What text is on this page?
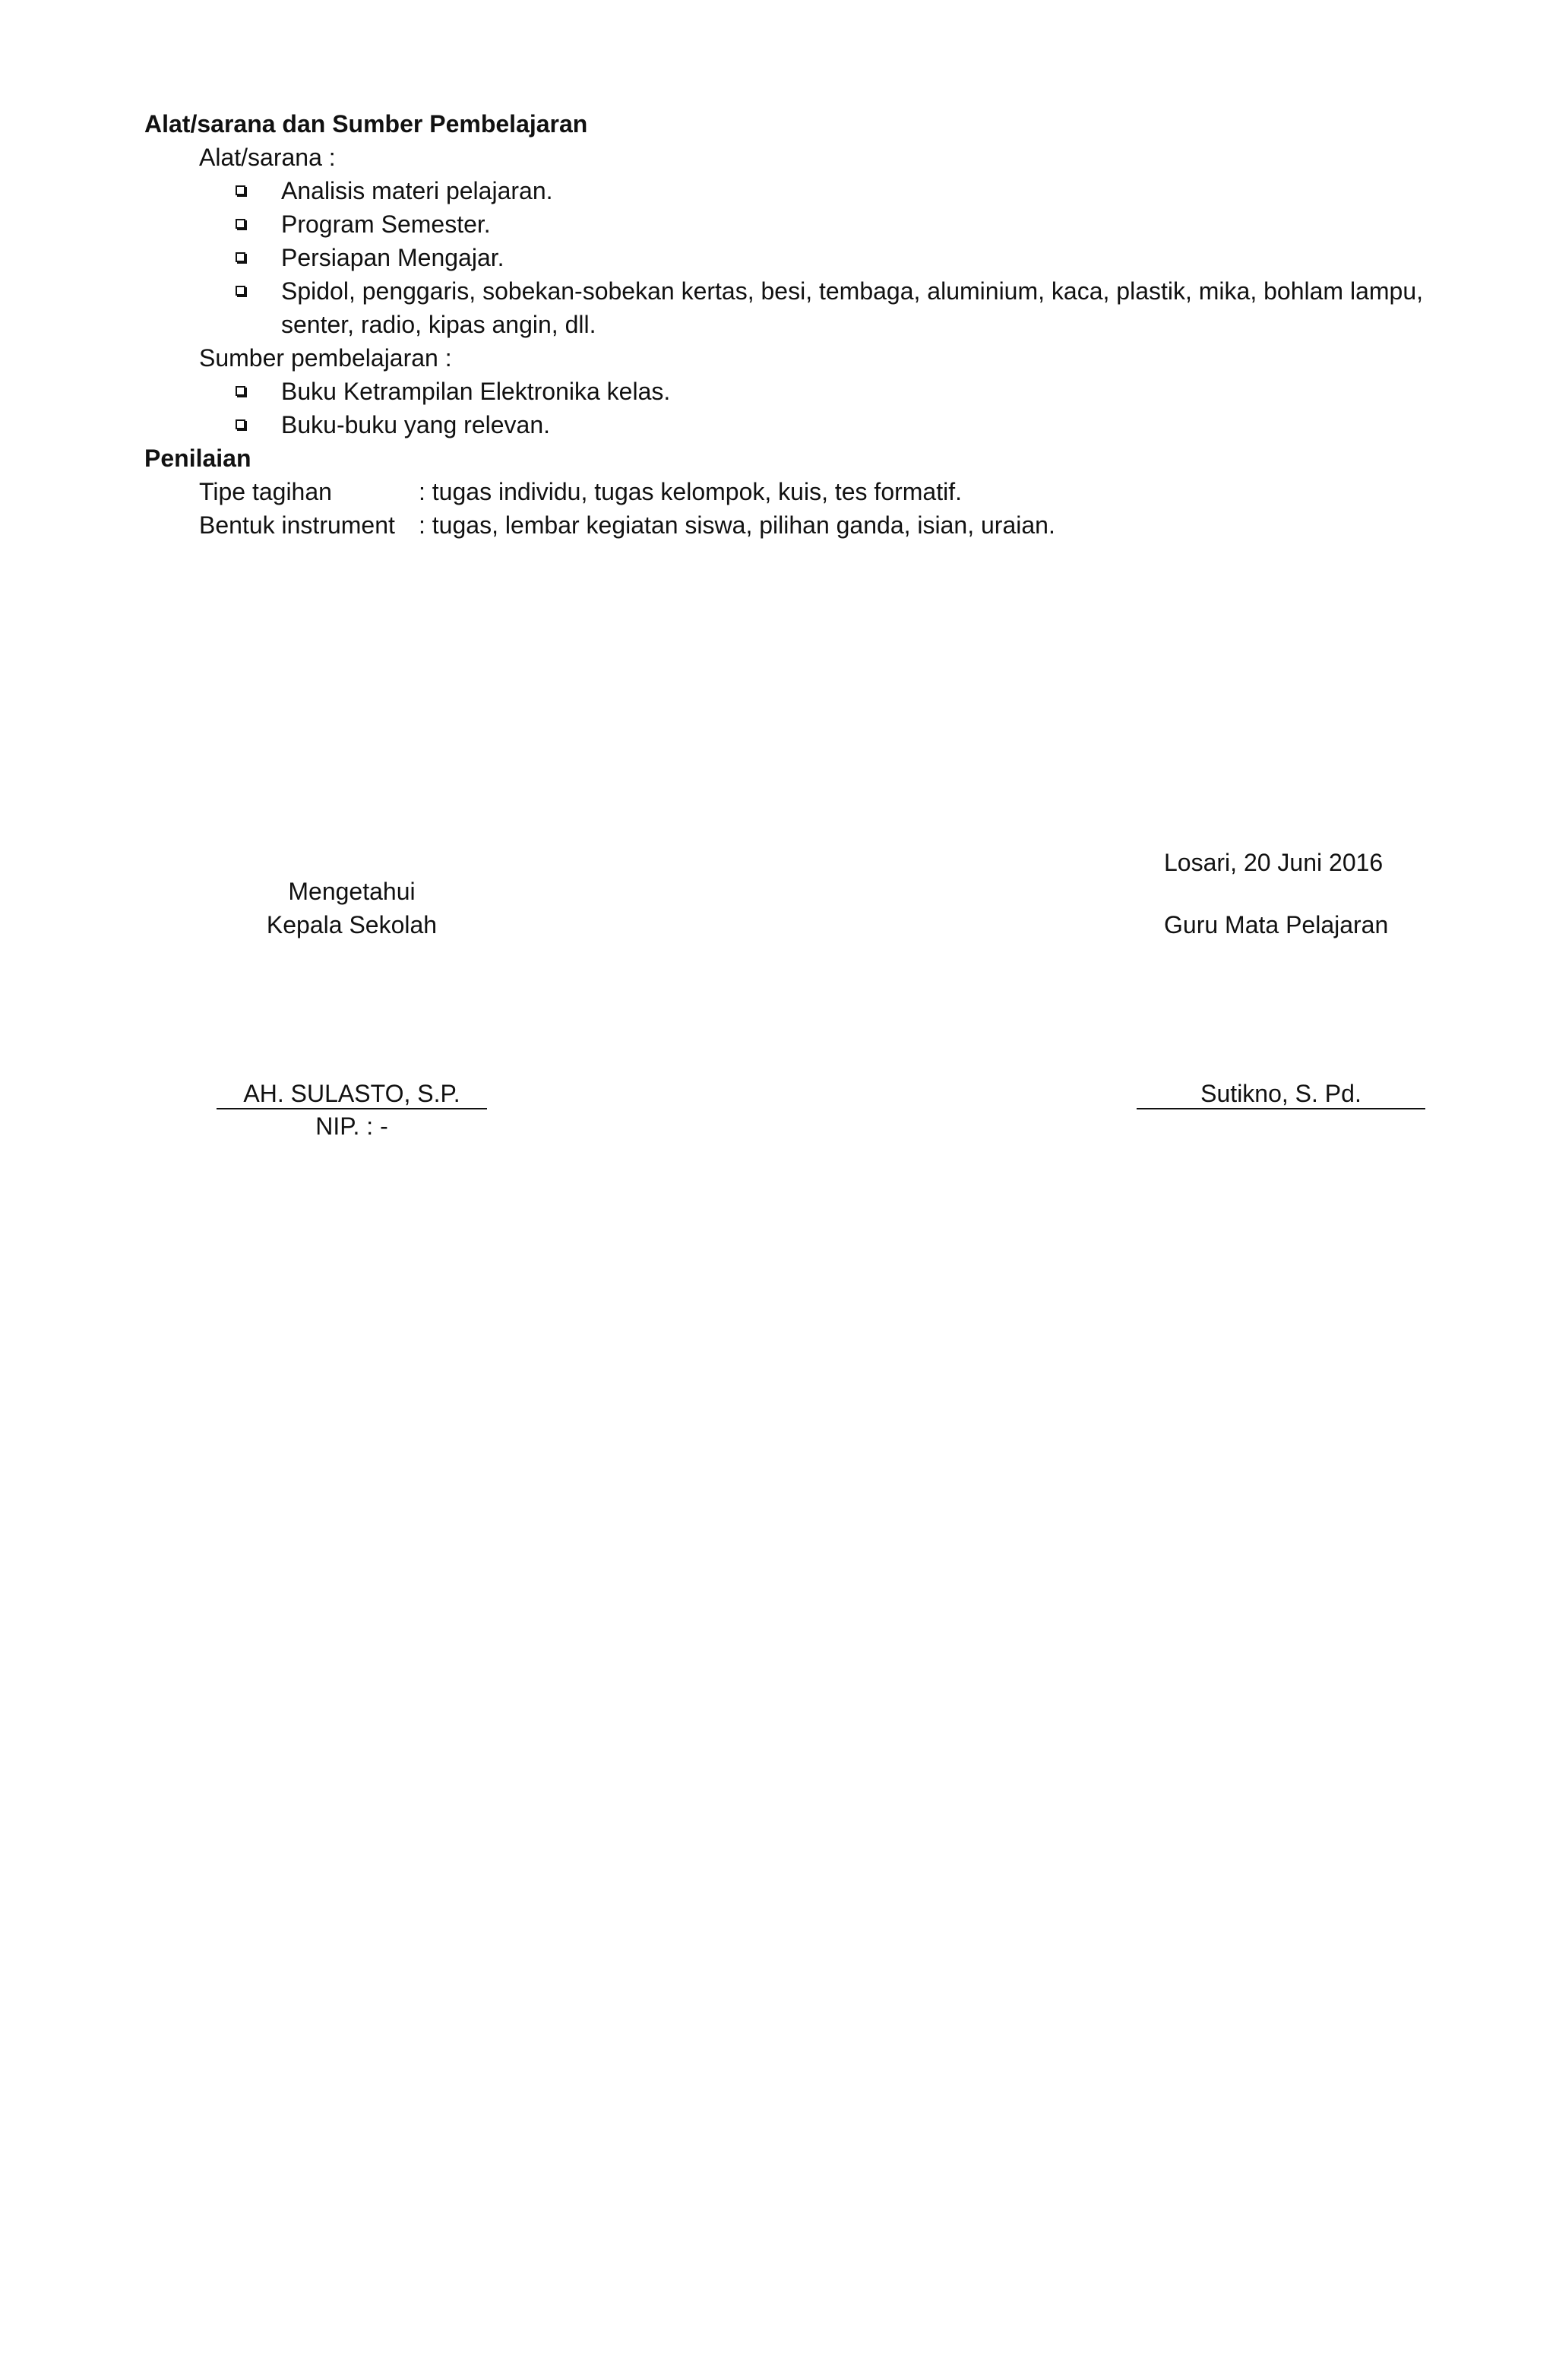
Alat/sarana dan Sumber Pembelajaran
Alat/sarana :
Analisis materi pelajaran.
Program Semester.
Persiapan Mengajar.
Spidol, penggaris, sobekan-sobekan kertas, besi, tembaga, aluminium, kaca, plastik, mika, bohlam lampu,
senter, radio, kipas angin, dll.
Sumber pembelajaran :
Buku Ketrampilan Elektronika kelas.
Buku-buku yang relevan.
Penilaian
Tipe tagihan	: tugas individu, tugas kelompok, kuis, tes formatif.
Bentuk instrument : tugas, lembar kegiatan siswa, pilihan ganda, isian, uraian.
Losari, 20 Juni 2016
Mengetahui
Kepala Sekolah	Guru Mata Pelajaran
AH. SULASTO, S.P.
NIP. : -
Sutikno, S. Pd.
